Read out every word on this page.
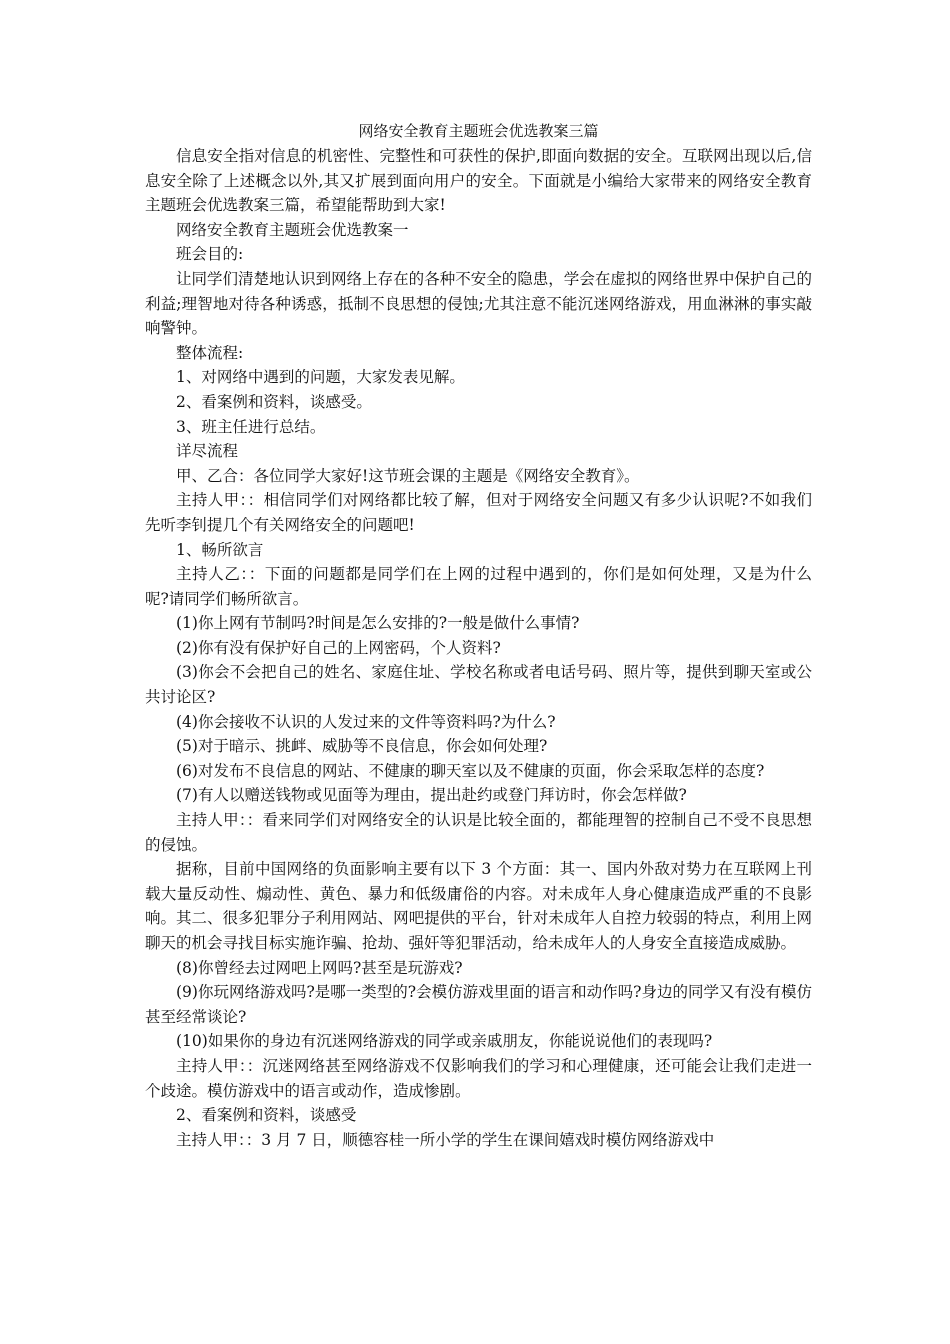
网络安全教育主题班会优选教案三篇

信息安全指对信息的机密性、完整性和可获性的保护,即面向数据的安全。互联网出现以后,信息安全除了上述概念以外,其又扩展到面向用户的安全。下面就是小编给大家带来的网络安全教育主题班会优选教案三篇，希望能帮助到大家!

网络安全教育主题班会优选教案一

班会目的:

让同学们清楚地认识到网络上存在的各种不安全的隐患，学会在虚拟的网络世界中保护自己的利益;理智地对待各种诱惑，抵制不良思想的侵蚀;尤其注意不能沉迷网络游戏，用血淋淋的事实敲响警钟。

整体流程:

1、对网络中遇到的问题，大家发表见解。

2、看案例和资料，谈感受。

3、班主任进行总结。

详尽流程

甲、乙合：各位同学大家好!这节班会课的主题是《网络安全教育》。

主持人甲：：相信同学们对网络都比较了解，但对于网络安全问题又有多少认识呢?不如我们先听李钊提几个有关网络安全的问题吧!

1、畅所欲言

主持人乙：：下面的问题都是同学们在上网的过程中遇到的，你们是如何处理，又是为什么呢?请同学们畅所欲言。

(1)你上网有节制吗?时间是怎么安排的?一般是做什么事情?

(2)你有没有保护好自己的上网密码，个人资料?

(3)你会不会把自己的姓名、家庭住址、学校名称或者电话号码、照片等，提供到聊天室或公共讨论区?

(4)你会接收不认识的人发过来的文件等资料吗?为什么?

(5)对于暗示、挑衅、威胁等不良信息，你会如何处理?

(6)对发布不良信息的网站、不健康的聊天室以及不健康的页面，你会采取怎样的态度?

(7)有人以赠送钱物或见面等为理由，提出赴约或登门拜访时，你会怎样做?

主持人甲：：看来同学们对网络安全的认识是比较全面的，都能理智的控制自己不受不良思想的侵蚀。

据称，目前中国网络的负面影响主要有以下 3 个方面：其一、国内外敌对势力在互联网上刊载大量反动性、煽动性、黄色、暴力和低级庸俗的内容。对未成年人身心健康造成严重的不良影响。其二、很多犯罪分子利用网站、网吧提供的平台，针对未成年人自控力较弱的特点，利用上网聊天的机会寻找目标实施诈骗、抢劫、强奸等犯罪活动，给未成年人的人身安全直接造成威胁。

(8)你曾经去过网吧上网吗?甚至是玩游戏?

(9)你玩网络游戏吗?是哪一类型的?会模仿游戏里面的语言和动作吗?身边的同学又有没有模仿甚至经常谈论?

(10)如果你的身边有沉迷网络游戏的同学或亲戚朋友，你能说说他们的表现吗?

主持人甲：：沉迷网络甚至网络游戏不仅影响我们的学习和心理健康，还可能会让我们走进一个歧途。模仿游戏中的语言或动作，造成惨剧。

2、看案例和资料，谈感受

主持人甲：：3 月 7 日，顺德容桂一所小学的学生在课间嬉戏时模仿网络游戏中
